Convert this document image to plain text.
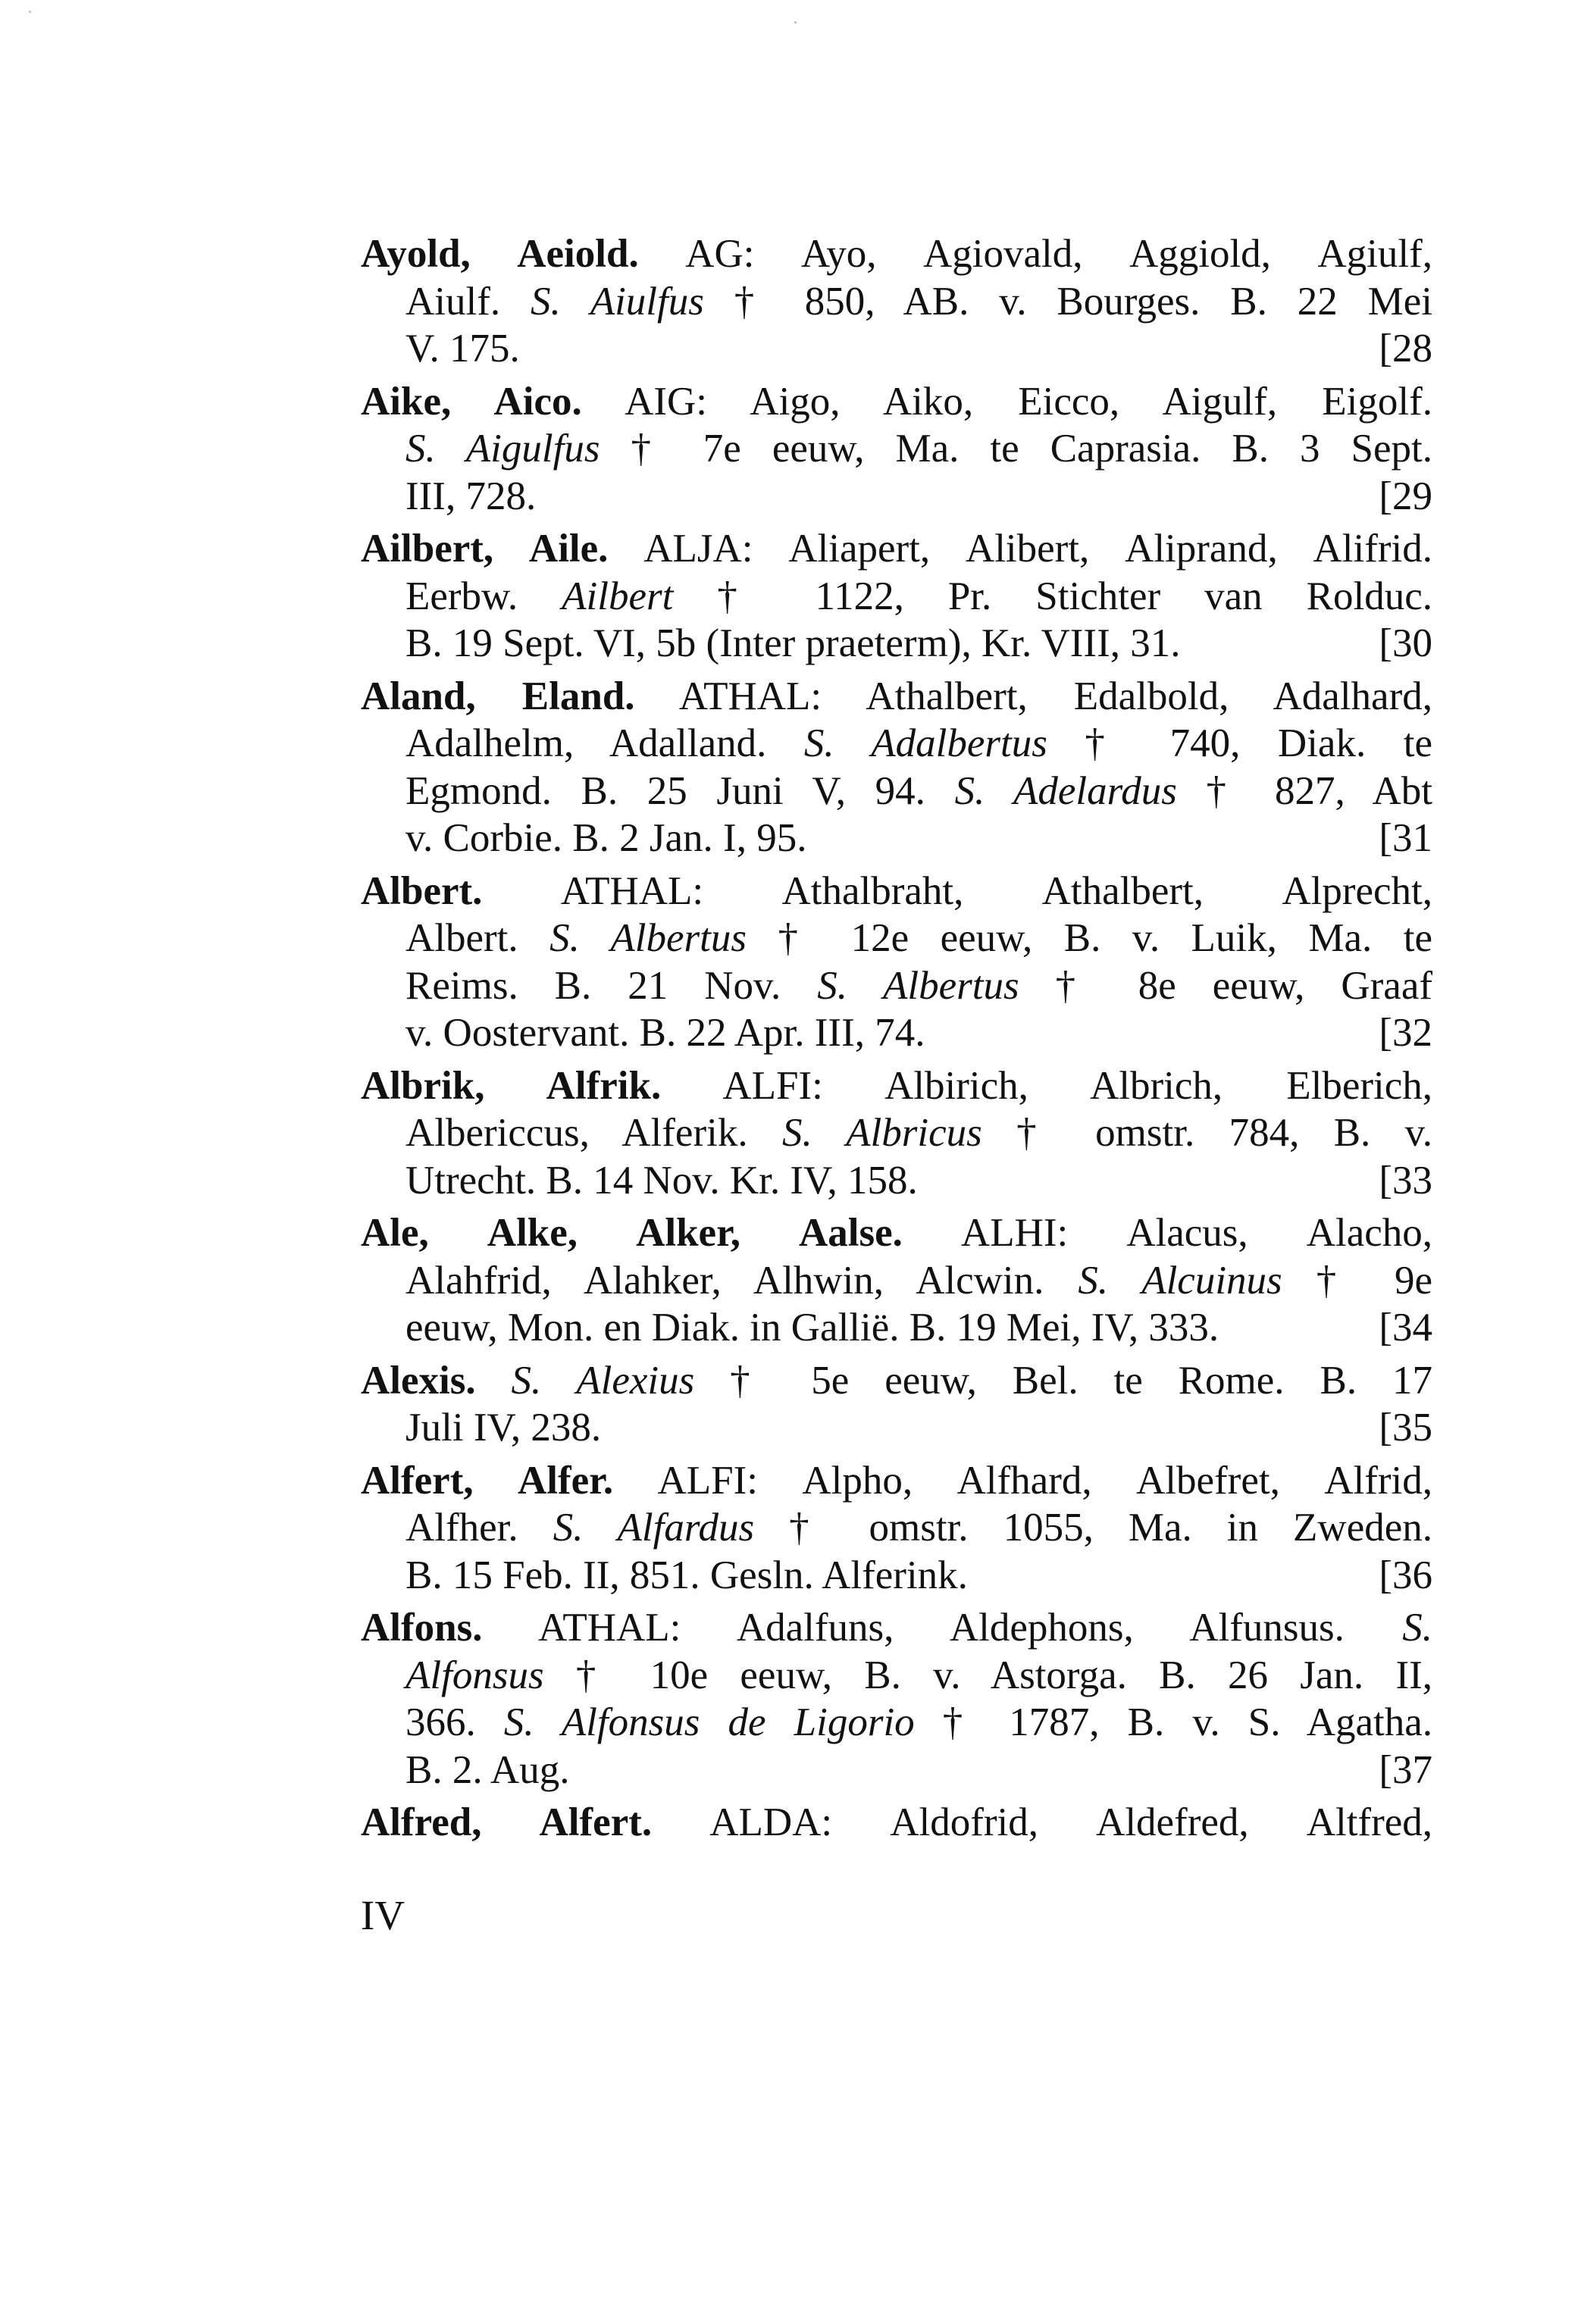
Ayold, Aeiold. AG: Ayo, Agiovald, Aggiold, Agiulf,
Aiulf. S. Aiulfus † 850, AB. v. Bourges. B. 22 Mei
V. 175.	[28
Aike, Aico. AIG: Aigo, Aiko, Eicco, Aigulf, Eigolf.
S. Aigulfus † 7e eeuw, Ma. te Caprasia. B. 3 Sept.
III, 728.	[29
Ailbert, Aile. ALJA: Aliapert, Alibert, Aliprand, Alifrid.
Eerbw. Ailbert † 1122, Pr. Stichter van Rolduc.
B. 19 Sept. VI, 5b (Inter praeterm), Kr. VIII, 31.	[30
Aland, Eland. ATHAL: Athalbert, Edalbold, Adalhard,
Adalhelm, Adalland. S. Adalbertus † 740, Diak. te
Egmond. B. 25 Juni V, 94. S. Adelardus † 827, Abt
v. Corbie. B. 2 Jan. I, 95.	[31
Albert. ATHAL: Athalbraht, Athalbert, Alprecht,
Albert. S. Albertus † 12e eeuw, B. v. Luik, Ma. te
Reims. B. 21 Nov. S. Albertus † 8e eeuw, Graaf
v. Oostervant. B. 22 Apr. III, 74.	[32
Albrik, Alfrik. ALFI: Albirich, Albrich, Elberich,
Albericcus, Alferik. S. Albricus † omstr. 784, B. v.
Utrecht. B. 14 Nov. Kr. IV, 158.	[33
Ale, Alke, Alker, Aalse. ALHI: Alacus, Alacho,
Alahfrid, Alahker, Alhwin, Alcwin. S. Alcuinus † 9e
eeuw, Mon. en Diak. in Gallië. B. 19 Mei, IV, 333.	[34
Alexis. S. Alexius † 5e eeuw, Bel. te Rome. B. 17
Juli IV, 238.	[35
Alfert, Alfer. ALFI: Alpho, Alfhard, Albefret, Alfrid,
Alfher. S. Alfardus † omstr. 1055, Ma. in Zweden.
B. 15 Feb. II, 851. Gesln. Alferink.	[36
Alfons. ATHAL: Adalfuns, Aldephons, Alfunsus. S.
Alfonsus † 10e eeuw, B. v. Astorga. B. 26 Jan. II,
366. S. Alfonsus de Ligorio † 1787, B. v. S. Agatha.
B. 2. Aug.	[37
Alfred, Alfert. ALDA: Aldofrid, Aldefred, Altfred,
IV
